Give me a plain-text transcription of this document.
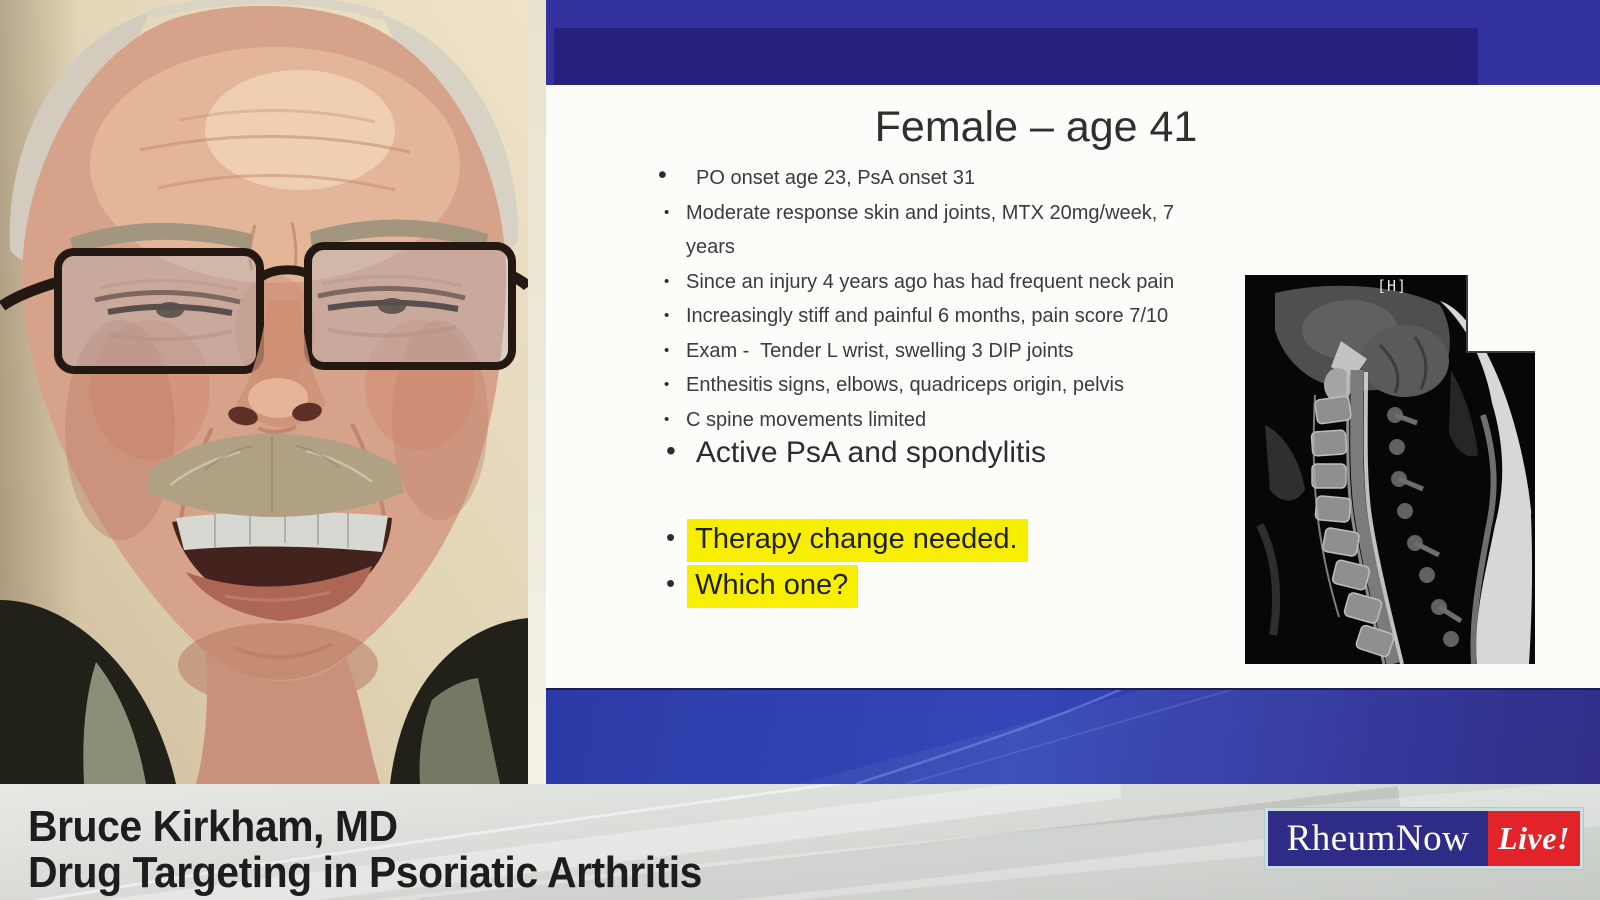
Female – age 41
• PO onset age 23, PsA onset 31
• Moderate response skin and joints, MTX 20mg/week, 7 years
• Since an injury 4 years ago has had frequent neck pain
• Increasingly stiff and painful 6 months, pain score 7/10
• Exam -  Tender L wrist, swelling 3 DIP joints
• Enthesitis signs, elbows, quadriceps origin, pelvis
• C spine movements limited
• Active PsA and spondylitis
• Therapy change needed.
• Which one?
[H]
Bruce Kirkham, MD
Drug Targeting in Psoriatic Arthritis
RheumNow Live!
